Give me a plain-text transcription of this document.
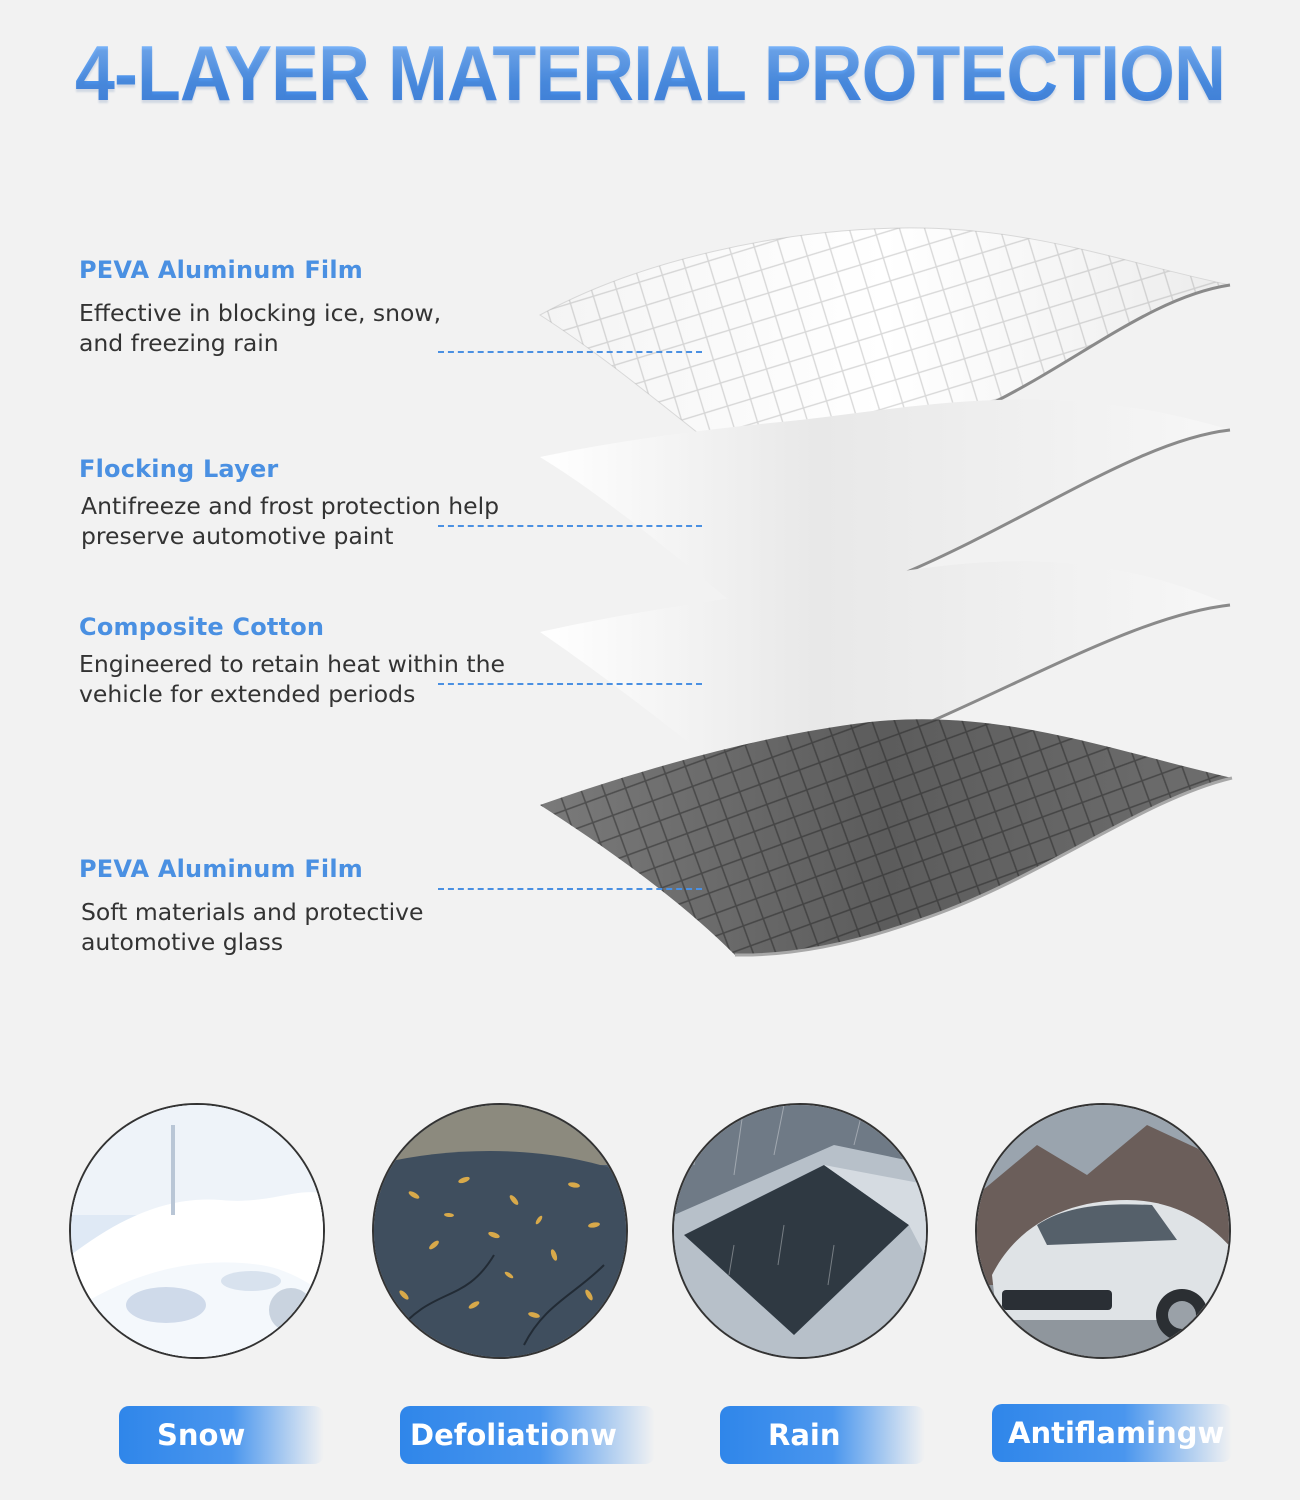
4-LAYER MATERIAL PROTECTION
PEVA Aluminum Film
Effective in blocking ice, snow,
and freezing rain
Flocking Layer
Antifreeze and frost protection help
preserve automotive paint
Composite Cotton
Engineered to retain heat within the
vehicle for extended periods
PEVA Aluminum Film
Soft materials and protective
automotive glass
Snow	Defoliationw	Rain	Antiflamingw
